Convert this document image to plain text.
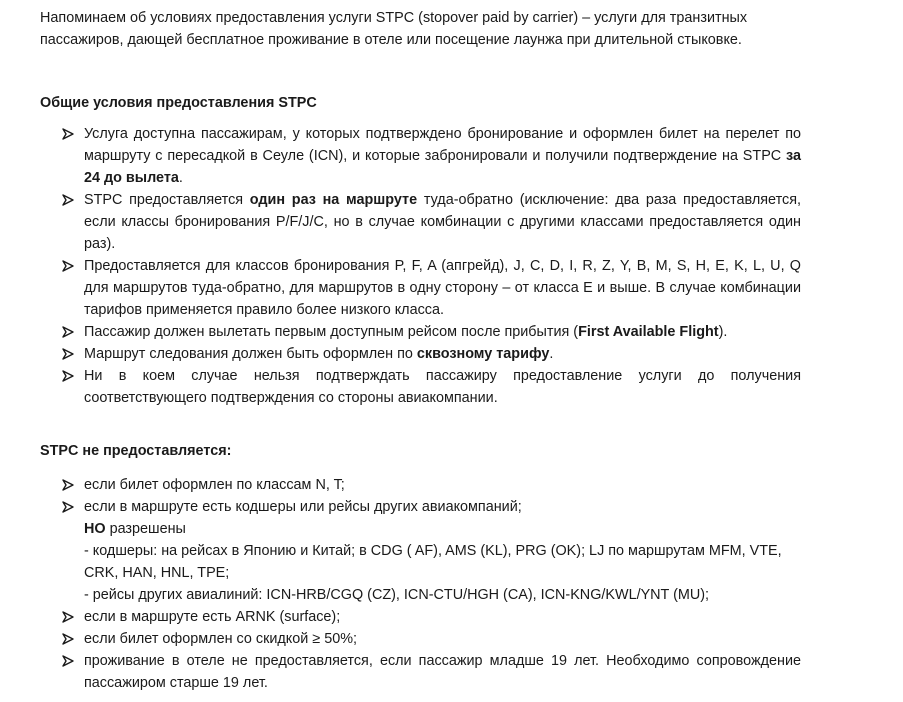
Напоминаем об условиях предоставления услуги STPC (stopover paid by carrier) – услуги для транзитных пассажиров, дающей бесплатное проживание в отеле или посещение лаунжа при длительной стыковке.

Общие условия предоставления STPC
Услуга доступна пассажирам, у которых подтверждено бронирование и оформлен билет на перелет по маршруту с пересадкой в Сеуле (ICN), и которые забронировали и получили подтверждение на STPC за 24 до вылета.
STPC предоставляется один раз на маршруте туда-обратно (исключение: два раза предоставляется, если классы бронирования P/F/J/C, но в случае комбинации с другими классами предоставляется один раз).
Предоставляется для классов бронирования P, F, A (апгрейд), J, C, D, I, R, Z, Y, B, M, S, H, E, K, L, U, Q для маршрутов туда-обратно, для маршрутов в одну сторону – от класса E и выше. В случае комбинации тарифов применяется правило более низкого класса.
Пассажир должен вылетать первым доступным рейсом после прибытия (First Available Flight).
Маршрут следования должен быть оформлен по сквозному тарифу.
Ни в коем случае нельзя подтверждать пассажиру предоставление услуги до получения соответствующего подтверждения со стороны авиакомпании.
STPC не предоставляется:
если билет оформлен по классам N, T;
если в маршруте есть кодшеры или рейсы других авиакомпаний;
НО разрешены
- кодшеры: на рейсах в Японию и Китай; в CDG ( AF), AMS (KL), PRG (OK); LJ по маршрутам MFM, VTE, CRK, HAN, HNL, TPE;
- рейсы других авиалиний: ICN-HRB/CGQ (CZ), ICN-CTU/HGH (CA), ICN-KNG/KWL/YNT (MU);
если в маршруте есть ARNK (surface);
если билет оформлен со скидкой ≥ 50%;
проживание в отеле не предоставляется, если пассажир младше 19 лет. Необходимо сопровождение пассажиром старше 19 лет.
